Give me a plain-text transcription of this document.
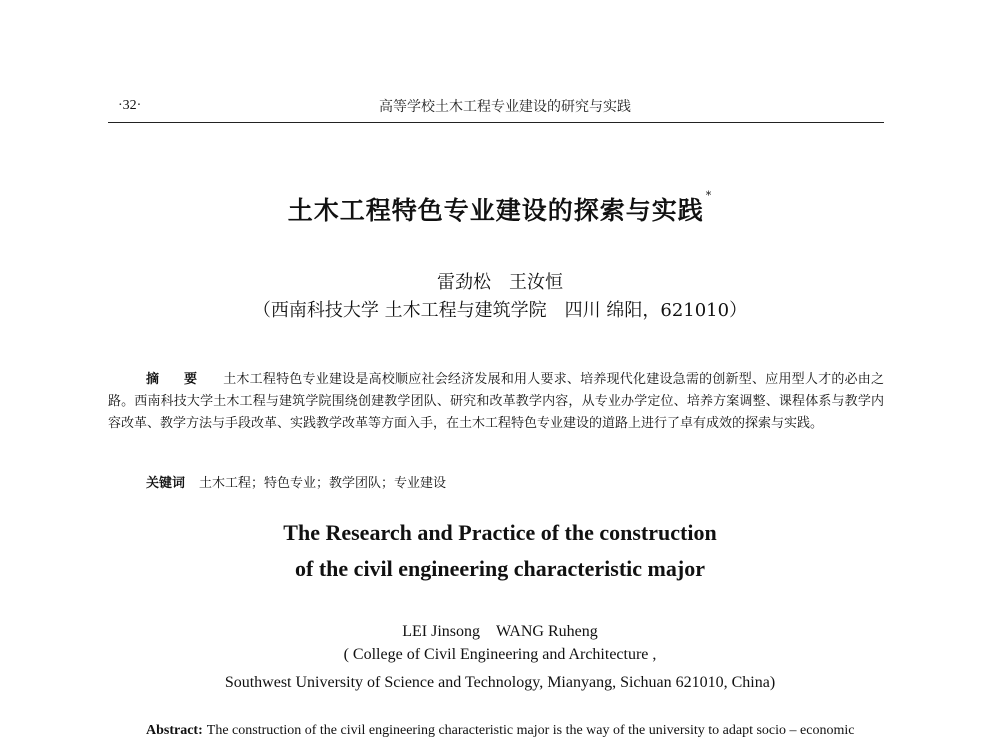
·32·	高等学校土木工程专业建设的研究与实践
土木工程特色专业建设的探索与实践*
雷劲松　王汝恒
（西南科技大学 土木工程与建筑学院　四川 绵阳，621010）
摘 要 土木工程特色专业建设是高校顺应社会经济发展和用人要求、培养现代化建设急需的创新型、应用型人才的必由之路。西南科技大学土木工程与建筑学院围绕创建教学团队、研究和改革教学内容，从专业办学定位、培养方案调整、课程体系与教学内容改革、教学方法与手段改革、实践教学改革等方面入手，在土木工程特色专业建设的道路上进行了卓有成效的探索与实践。
关键词 土木工程；特色专业；教学团队；专业建设
The Research and Practice of the construction
of the civil engineering characteristic major
LEI Jinsong　WANG Ruheng
( College of Civil Engineering and Architecture ,
Southwest University of Science and Technology, Mianyang, Sichuan 621010, China)
Abstract: The construction of the civil engineering characteristic major is the way of the university to adapt socio – economic
